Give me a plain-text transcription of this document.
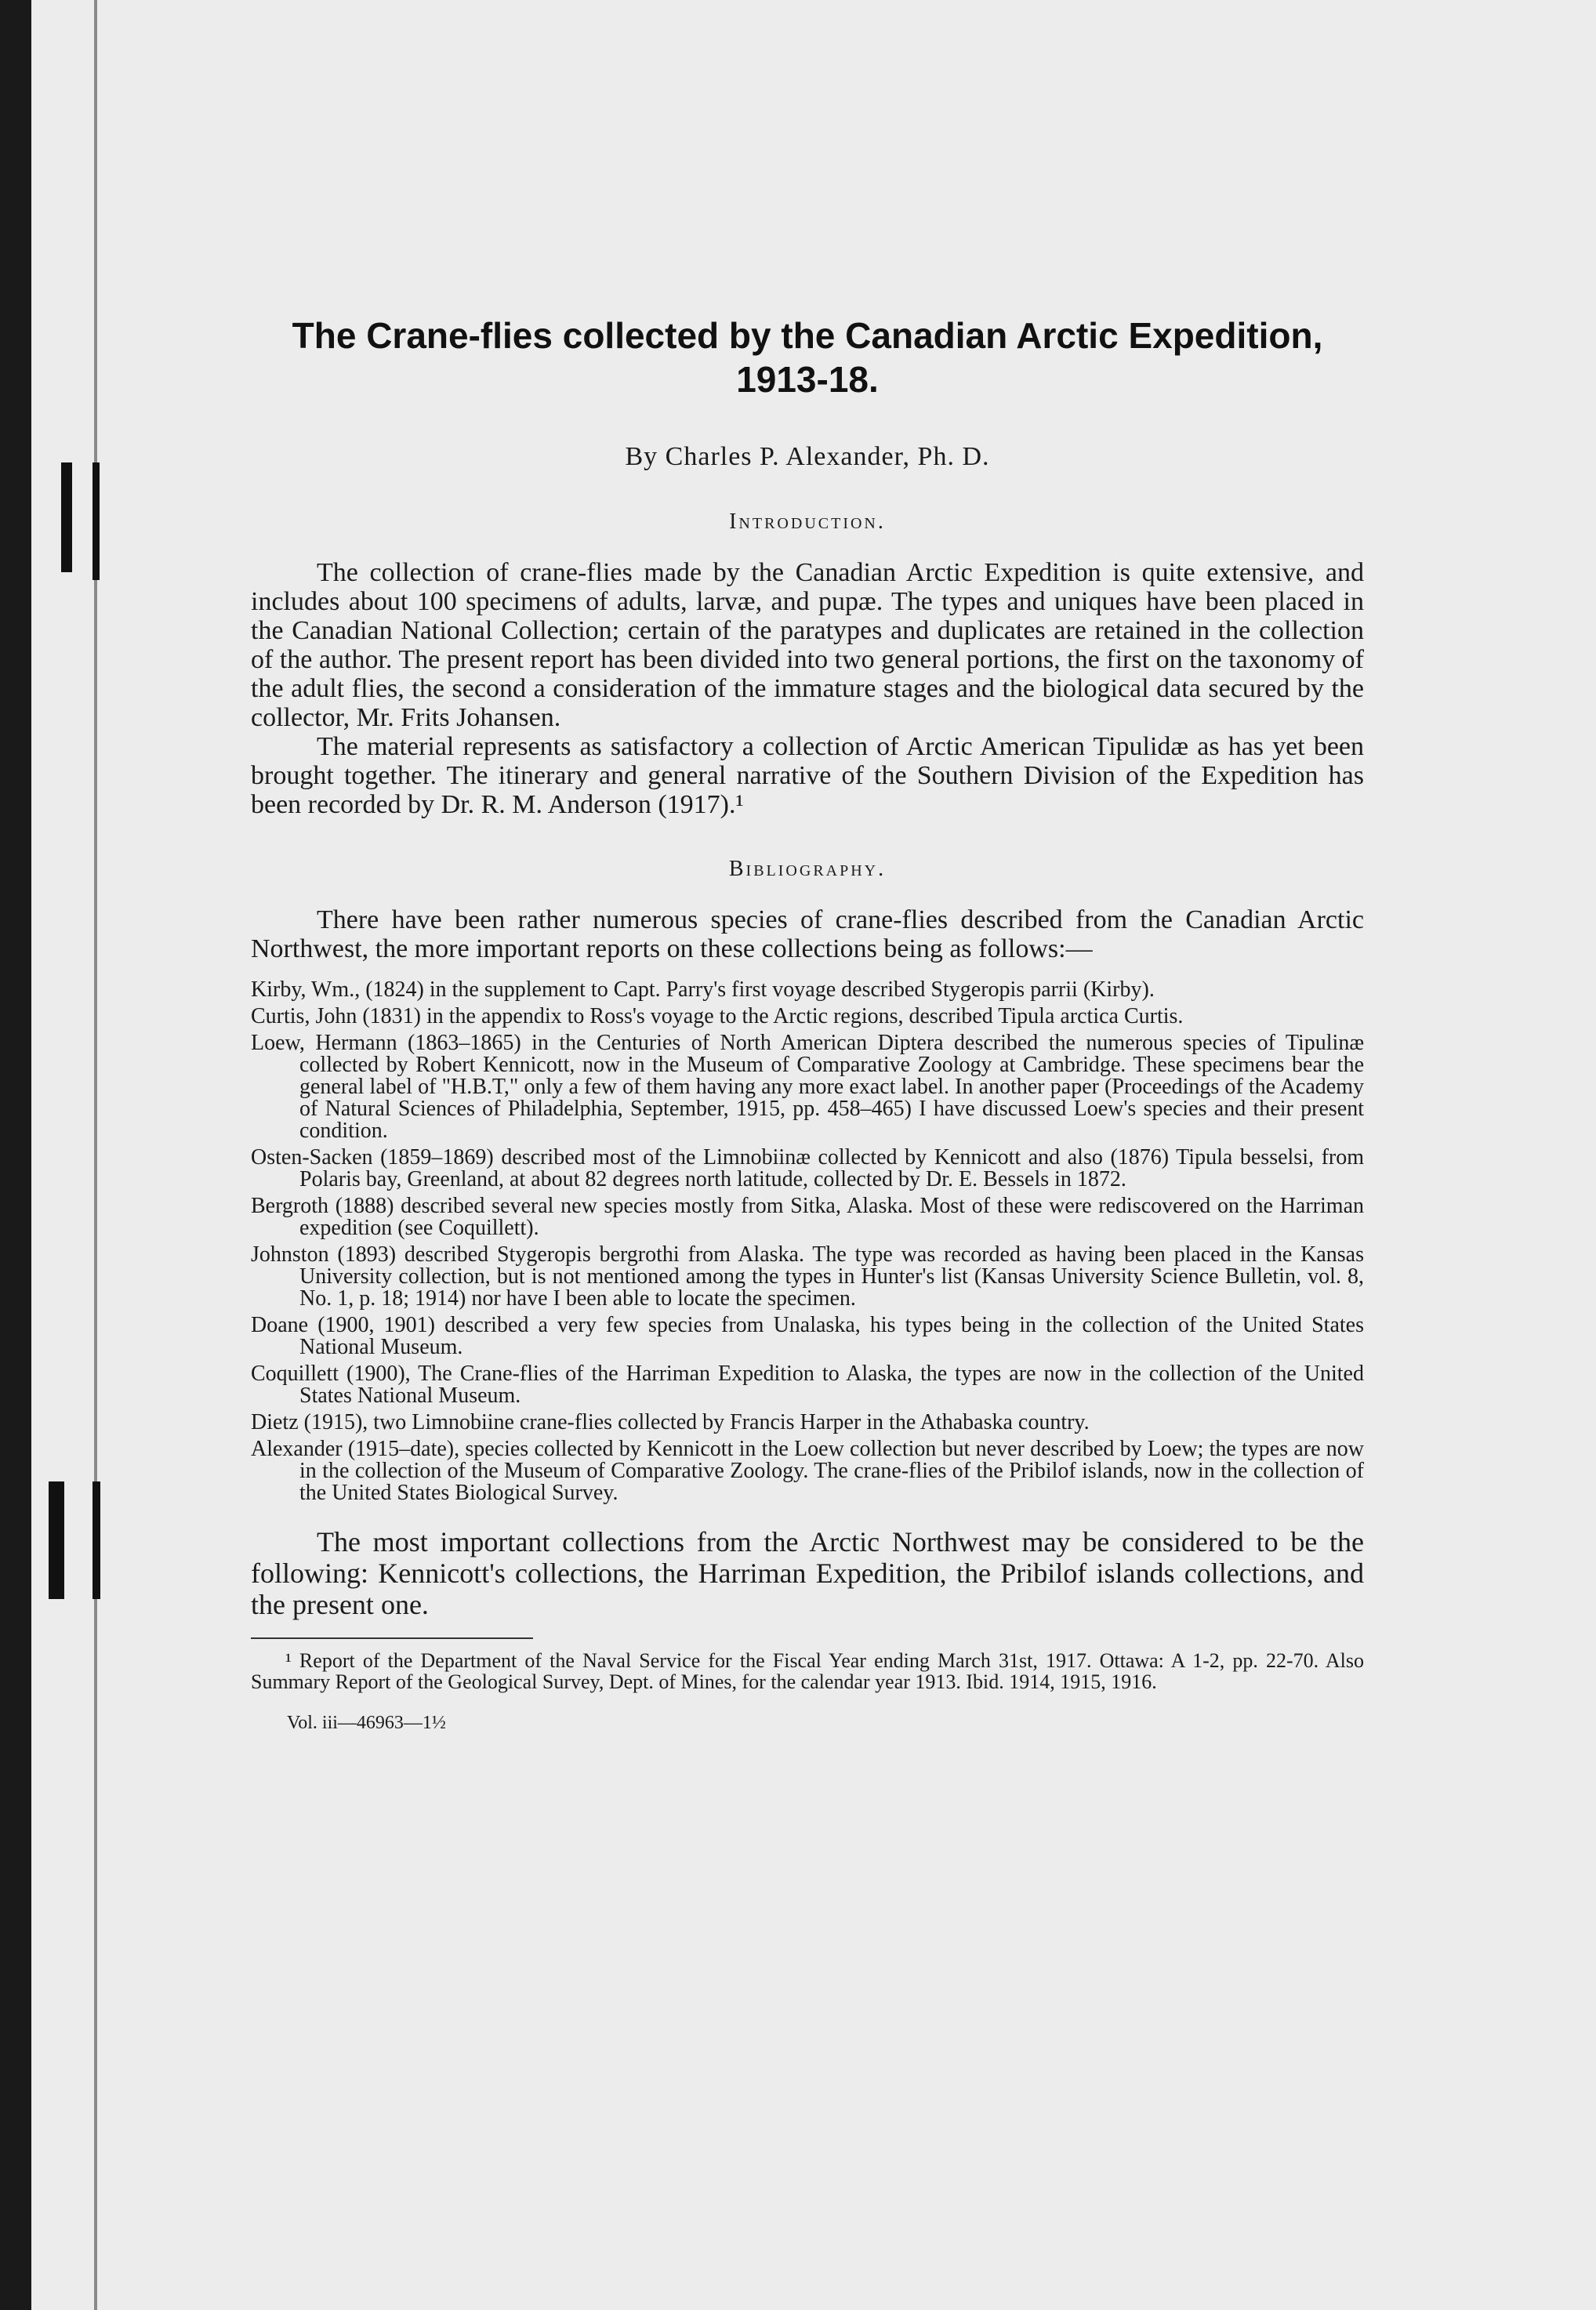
The Crane-flies collected by the Canadian Arctic Expedition, 1913-18.
By Charles P. Alexander, Ph. D.
Introduction.

The collection of crane-flies made by the Canadian Arctic Expedition is quite extensive, and includes about 100 specimens of adults, larvæ, and pupæ. The types and uniques have been placed in the Canadian National Collection; certain of the paratypes and duplicates are retained in the collection of the author. The present report has been divided into two general portions, the first on the taxonomy of the adult flies, the second a consideration of the immature stages and the biological data secured by the collector, Mr. Frits Johansen.

The material represents as satisfactory a collection of Arctic American Tipulidæ as has yet been brought together. The itinerary and general narrative of the Southern Division of the Expedition has been recorded by Dr. R. M. Anderson (1917).¹

Bibliography.

There have been rather numerous species of crane-flies described from the Canadian Arctic Northwest, the more important reports on these collections being as follows:—

Kirby, Wm., (1824) in the supplement to Capt. Parry's first voyage described Stygeropis parrii (Kirby).
Curtis, John (1831) in the appendix to Ross's voyage to the Arctic regions, described Tipula arctica Curtis.
Loew, Hermann (1863–1865) in the Centuries of North American Diptera described the numerous species of Tipulinæ collected by Robert Kennicott, now in the Museum of Comparative Zoology at Cambridge. These specimens bear the general label of "H.B.T," only a few of them having any more exact label. In another paper (Proceedings of the Academy of Natural Sciences of Philadelphia, September, 1915, pp. 458–465) I have discussed Loew's species and their present condition.
Osten-Sacken (1859–1869) described most of the Limnobiinæ collected by Kennicott and also (1876) Tipula besselsi, from Polaris bay, Greenland, at about 82 degrees north latitude, collected by Dr. E. Bessels in 1872.
Bergroth (1888) described several new species mostly from Sitka, Alaska. Most of these were rediscovered on the Harriman expedition (see Coquillett).
Johnston (1893) described Stygeropis bergrothi from Alaska. The type was recorded as having been placed in the Kansas University collection, but is not mentioned among the types in Hunter's list (Kansas University Science Bulletin, vol. 8, No. 1, p. 18; 1914) nor have I been able to locate the specimen.
Doane (1900, 1901) described a very few species from Unalaska, his types being in the collection of the United States National Museum.
Coquillett (1900), The Crane-flies of the Harriman Expedition to Alaska, the types are now in the collection of the United States National Museum.
Dietz (1915), two Limnobiine crane-flies collected by Francis Harper in the Athabaska country.
Alexander (1915–date), species collected by Kennicott in the Loew collection but never described by Loew; the types are now in the collection of the Museum of Comparative Zoology. The crane-flies of the Pribilof islands, now in the collection of the United States Biological Survey.

The most important collections from the Arctic Northwest may be considered to be the following: Kennicott's collections, the Harriman Expedition, the Pribilof islands collections, and the present one.

¹ Report of the Department of the Naval Service for the Fiscal Year ending March 31st, 1917. Ottawa: A 1-2, pp. 22-70. Also Summary Report of the Geological Survey, Dept. of Mines, for the calendar year 1913. Ibid. 1914, 1915, 1916.
Vol. iii—46963—1½
